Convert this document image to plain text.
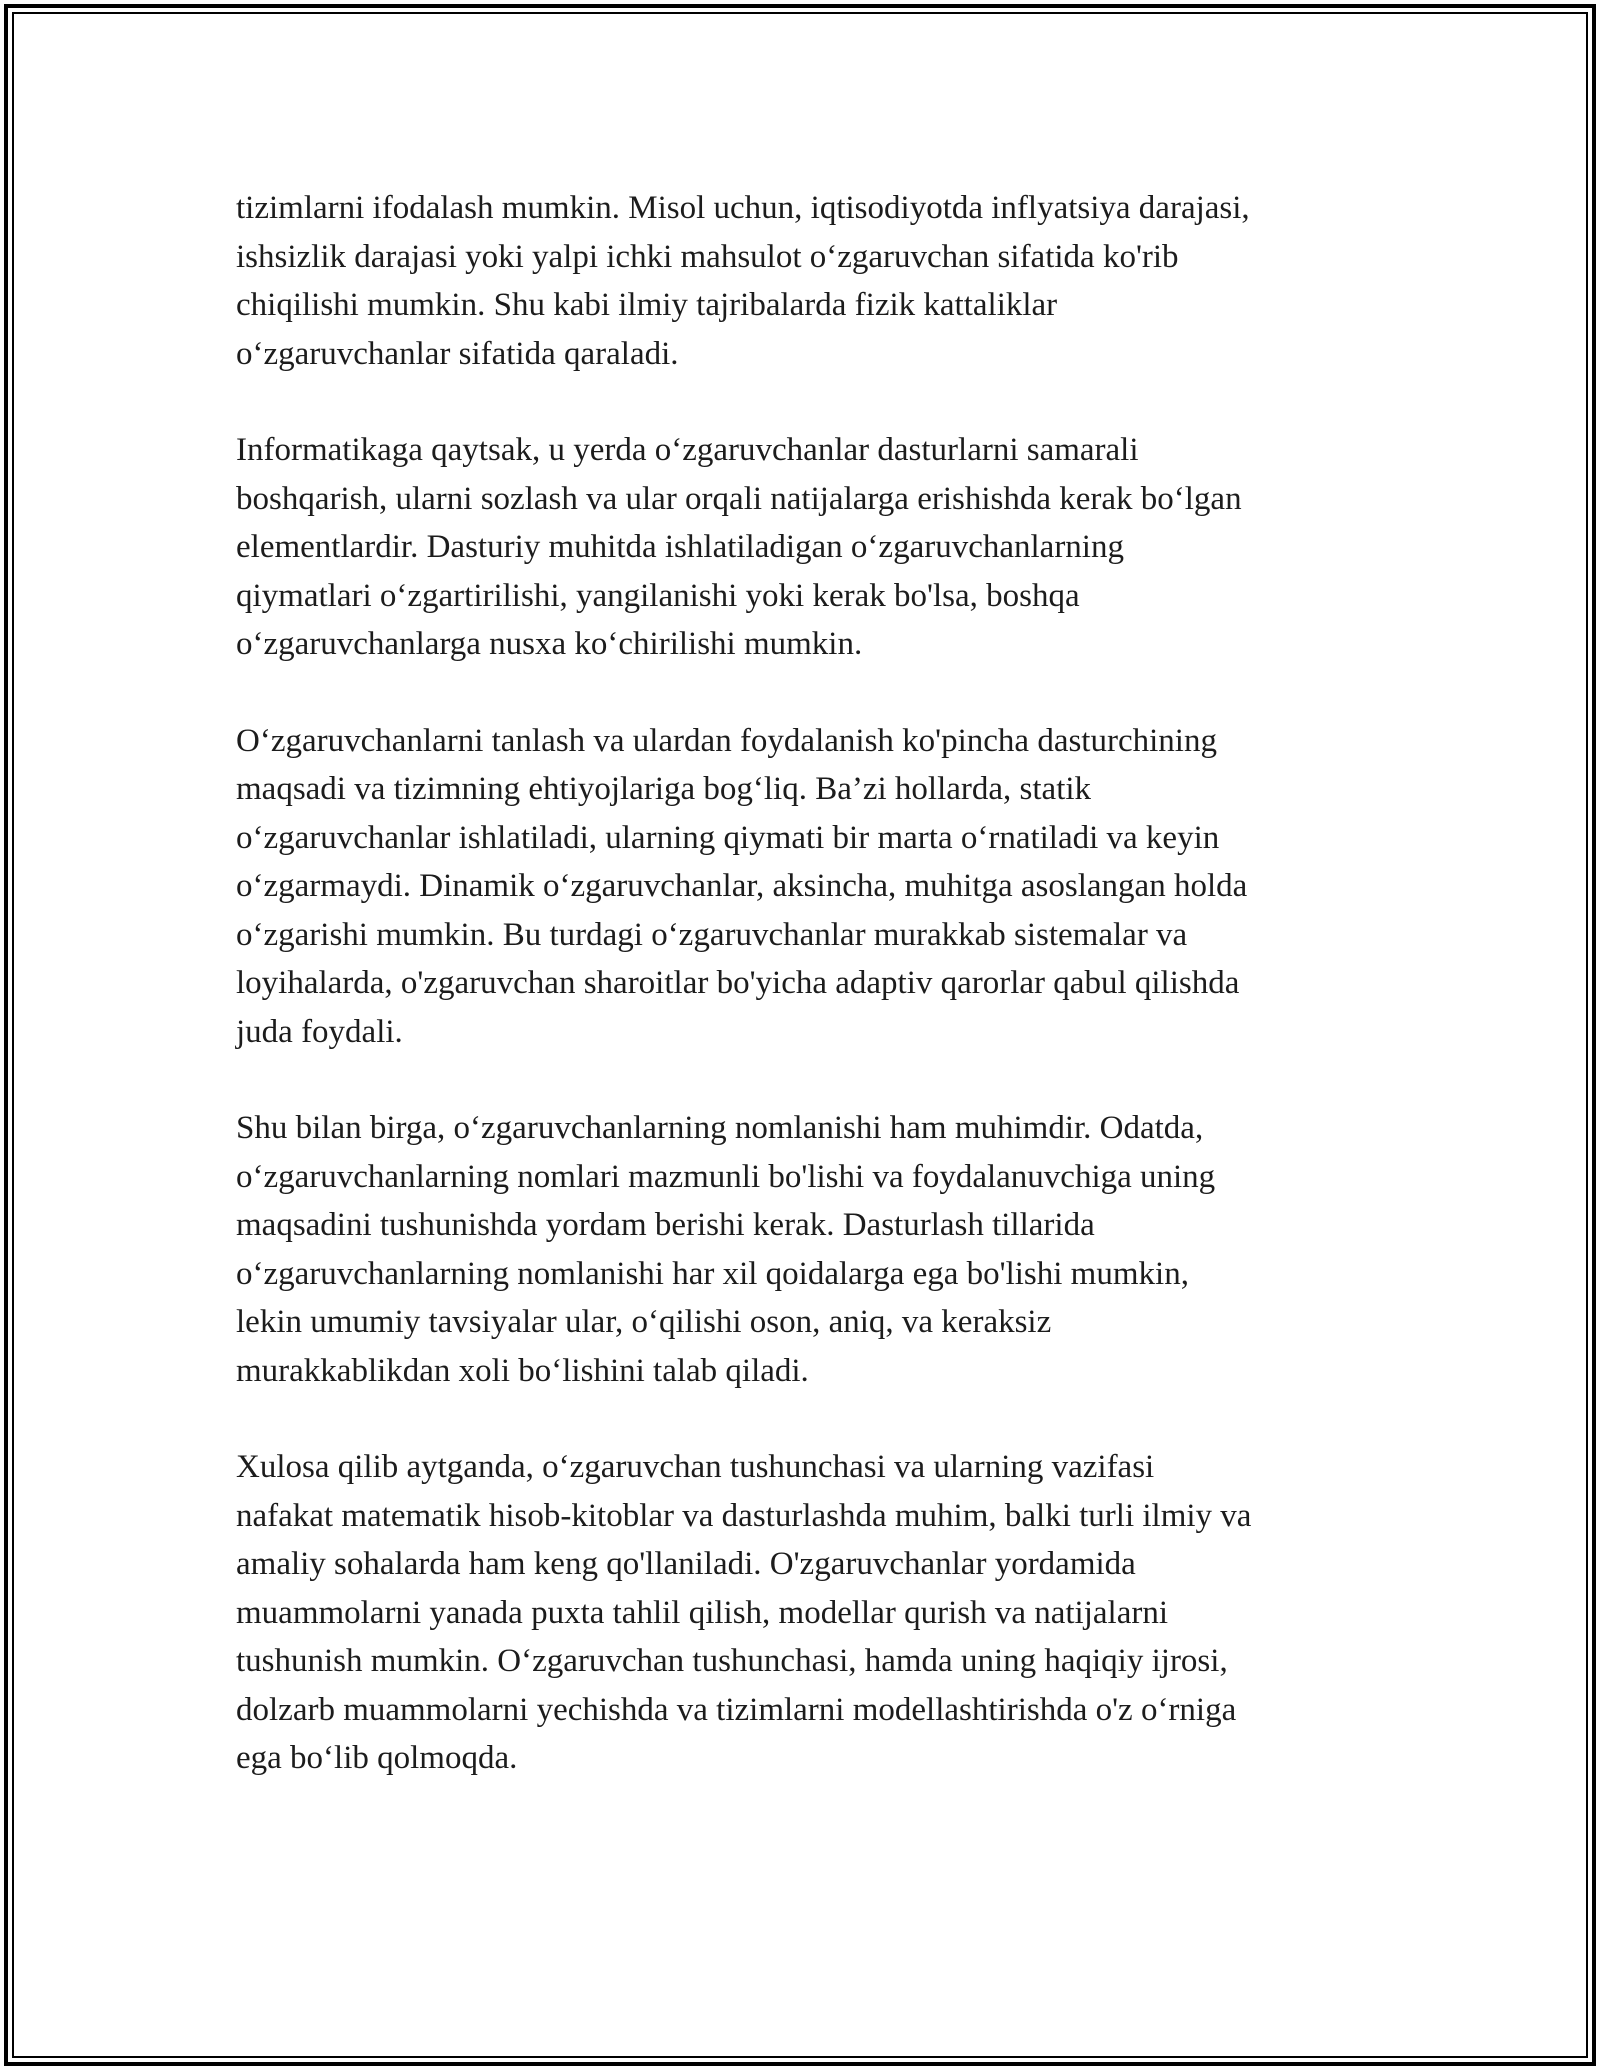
tizimlarni ifodalash mumkin. Misol uchun, iqtisodiyotda inflyatsiya darajasi,
ishsizlik darajasi yoki yalpi ichki mahsulot o‘zgaruvchan sifatida ko'rib
chiqilishi mumkin. Shu kabi ilmiy tajribalarda fizik kattaliklar
o‘zgaruvchanlar sifatida qaraladi.

Informatikaga qaytsak, u yerda o‘zgaruvchanlar dasturlarni samarali
boshqarish, ularni sozlash va ular orqali natijalarga erishishda kerak bo‘lgan
elementlardir. Dasturiy muhitda ishlatiladigan o‘zgaruvchanlarning
qiymatlari o‘zgartirilishi, yangilanishi yoki kerak bo'lsa, boshqa
o‘zgaruvchanlarga nusxa ko‘chirilishi mumkin.

O‘zgaruvchanlarni tanlash va ulardan foydalanish ko'pincha dasturchining
maqsadi va tizimning ehtiyojlariga bog‘liq. Ba’zi hollarda, statik
o‘zgaruvchanlar ishlatiladi, ularning qiymati bir marta o‘rnatiladi va keyin
o‘zgarmaydi. Dinamik o‘zgaruvchanlar, aksincha, muhitga asoslangan holda
o‘zgarishi mumkin. Bu turdagi o‘zgaruvchanlar murakkab sistemalar va
loyihalarda, o'zgaruvchan sharoitlar bo'yicha adaptiv qarorlar qabul qilishda
juda foydali.

Shu bilan birga, o‘zgaruvchanlarning nomlanishi ham muhimdir. Odatda,
o‘zgaruvchanlarning nomlari mazmunli bo'lishi va foydalanuvchiga uning
maqsadini tushunishda yordam berishi kerak. Dasturlash tillarida
o‘zgaruvchanlarning nomlanishi har xil qoidalarga ega bo'lishi mumkin,
lekin umumiy tavsiyalar ular, o‘qilishi oson, aniq, va keraksiz
murakkablikdan xoli bo‘lishini talab qiladi.

Xulosa qilib aytganda, o‘zgaruvchan tushunchasi va ularning vazifasi
nafakat matematik hisob-kitoblar va dasturlashda muhim, balki turli ilmiy va
amaliy sohalarda ham keng qo'llaniladi. O'zgaruvchanlar yordamida
muammolarni yanada puxta tahlil qilish, modellar qurish va natijalarni
tushunish mumkin. O‘zgaruvchan tushunchasi, hamda uning haqiqiy ijrosi,
dolzarb muammolarni yechishda va tizimlarni modellashtirishda o'z o‘rniga
ega bo‘lib qolmoqda.
